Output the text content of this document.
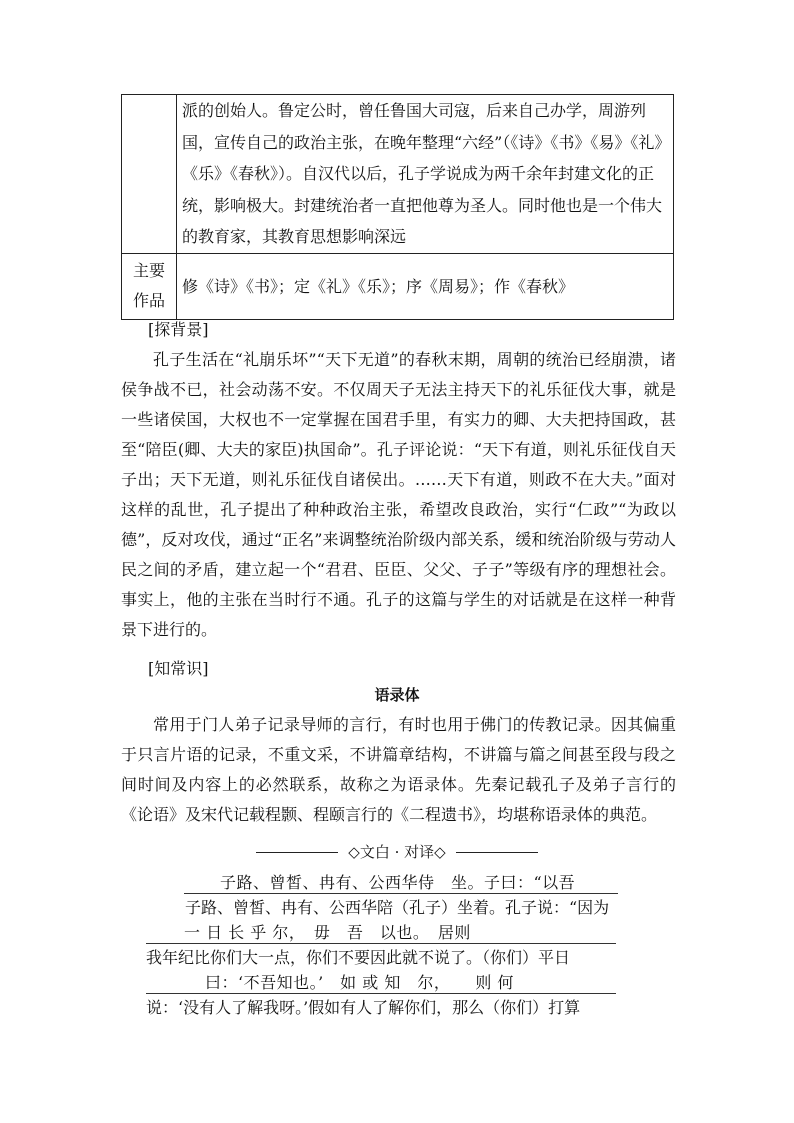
	派的创始人。鲁定公时，曾任鲁国大司寇，后来自己办学，周游列国，宣传自己的政治主张，在晚年整理“六经”（《诗》《书》《易》《礼》《乐》《春秋》）。自汉代以后，孔子学说成为两千余年封建文化的正统，影响极大。封建统治者一直把他尊为圣人。同时他也是一个伟大的教育家，其教育思想影响深远

主要
作品	修《诗》《书》；定《礼》《乐》；序《周易》；作《春秋》
[探背景]

孔子生活在“礼崩乐坏”“天下无道”的春秋末期，周朝的统治已经崩溃，诸侯争战不已，社会动荡不安。不仅周天子无法主持天下的礼乐征伐大事，就是一些诸侯国，大权也不一定掌握在国君手里，有实力的卿、大夫把持国政，甚至“陪臣(卿、大夫的家臣)执国命”。孔子评论说：“天下有道，则礼乐征伐自天子出；天下无道，则礼乐征伐自诸侯出。……天下有道，则政不在大夫。”面对这样的乱世，孔子提出了种种政治主张，希望改良政治，实行“仁政”“为政以德”，反对攻伐，通过“正名”来调整统治阶级内部关系，缓和统治阶级与劳动人民之间的矛盾，建立起一个“君君、臣臣、父父、子子”等级有序的理想社会。事实上，他的主张在当时行不通。孔子的这篇与学生的对话就是在这样一种背景下进行的。

[知常识]
语录体

常用于门人弟子记录导师的言行，有时也用于佛门的传教记录。因其偏重于只言片语的记录，不重文采，不讲篇章结构，不讲篇与篇之间甚至段与段之间时间及内容上的必然联系，故称之为语录体。先秦记载孔子及弟子言行的《论语》及宋代记载程颢、程颐言行的《二程遗书》，均堪称语录体的典范。

◇文白 · 对译◇
子路、曾皙、冉有、公西华侍　坐。子曰：“以吾
子路、曾皙、冉有、公西华陪（孔子）坐着。孔子说：“因为
一 日 长 乎 尔，　毋　吾　以也。　居则
我年纪比你们大一点，你们不要因此就不说了。（你们）平日
曰：‘不吾知也。’　如 或 知　尔，　　则 何
说：‘没有人了解我呀。’假如有人了解你们，那么（你们）打算
